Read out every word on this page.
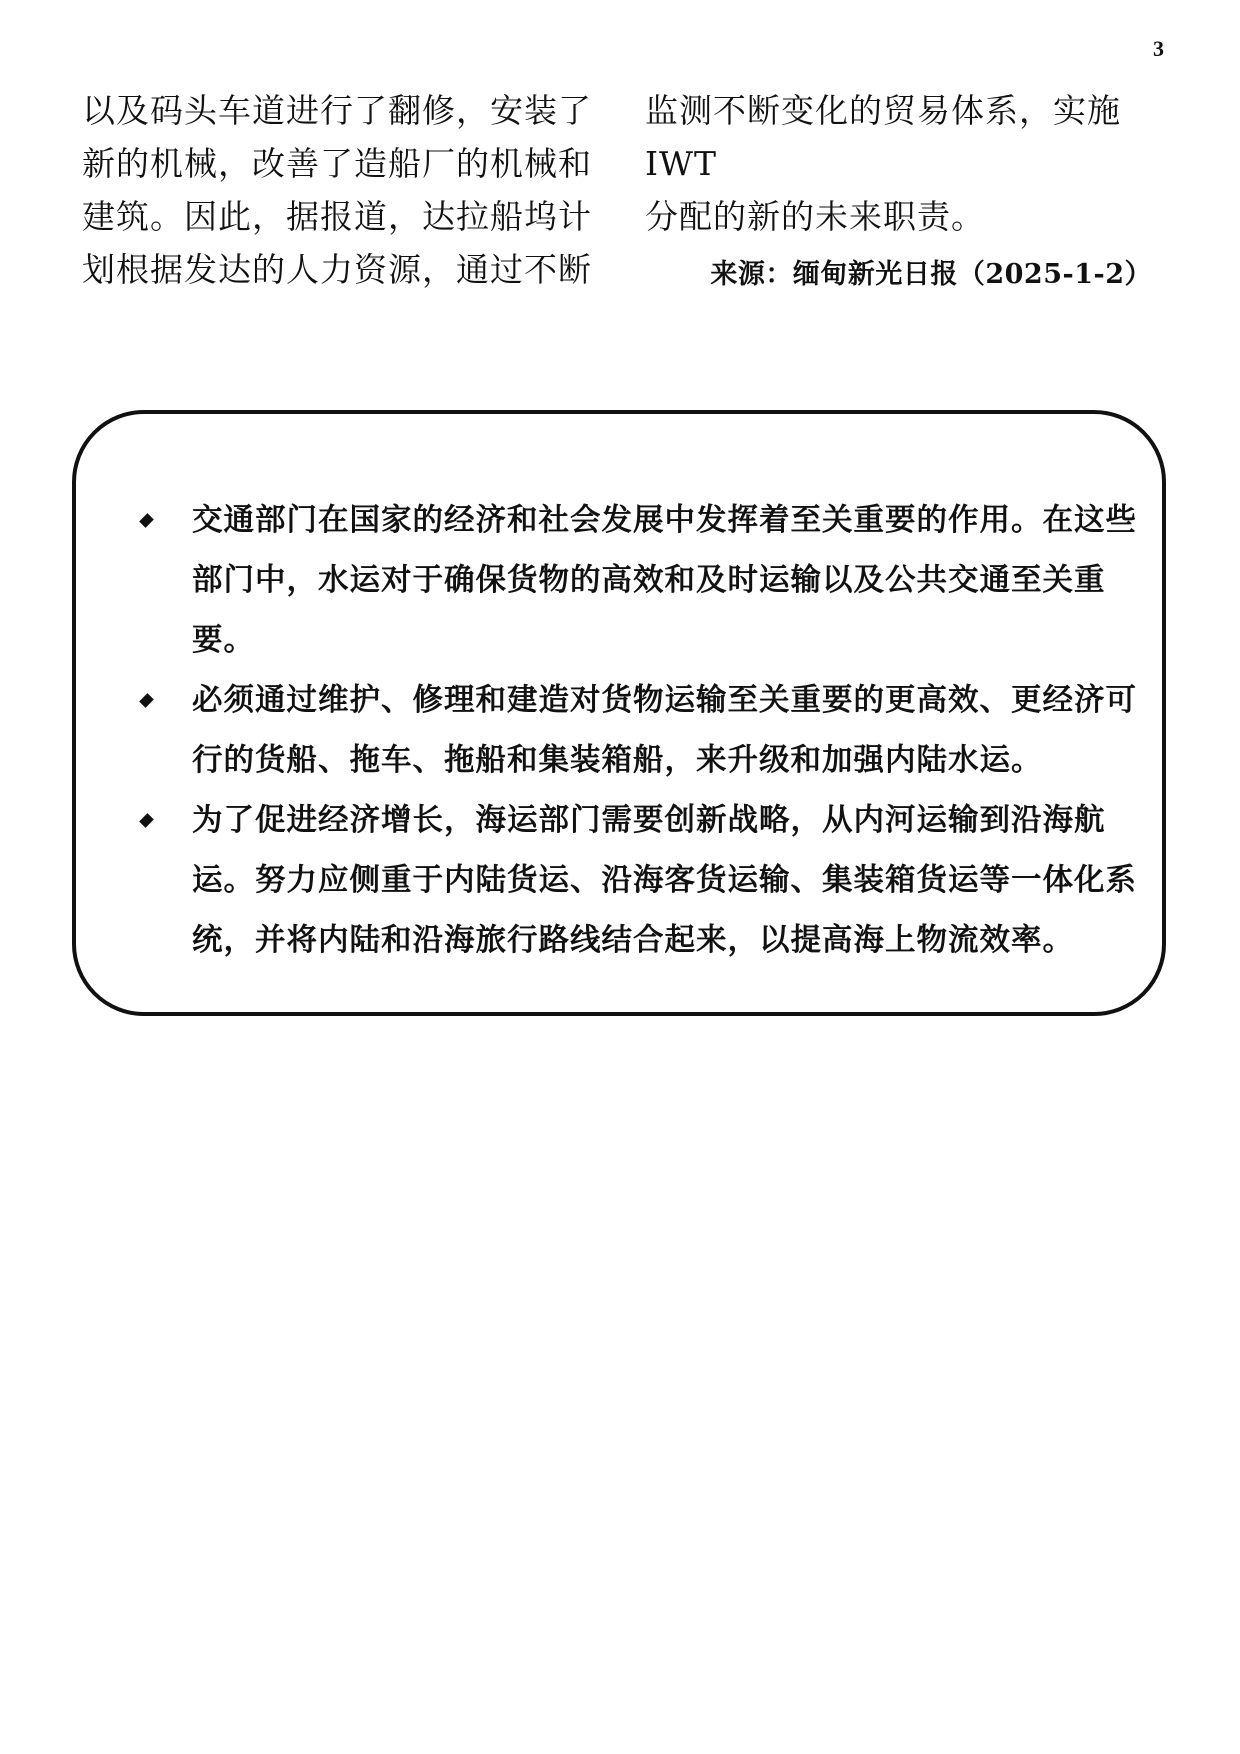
3

以及码头车道进行了翻修，安装了

新的机械，改善了造船厂的机械和

建筑。因此，据报道，达拉船坞计

划根据发达的人力资源，通过不断

监测不断变化的贸易体系，实施IWT

分配的新的未来职责。

来源：缅甸新光日报（2025-1-2）
交通部门在国家的经济和社会发展中发挥着至关重要的作用。在这些部门中，水运对于确保货物的高效和及时运输以及公共交通至关重要。
必须通过维护、修理和建造对货物运输至关重要的更高效、更经济可行的货船、拖车、拖船和集装箱船，来升级和加强内陆水运。
为了促进经济增长，海运部门需要创新战略，从内河运输到沿海航运。努力应侧重于内陆货运、沿海客货运输、集装箱货运等一体化系统，并将内陆和沿海旅行路线结合起来，以提高海上物流效率。
